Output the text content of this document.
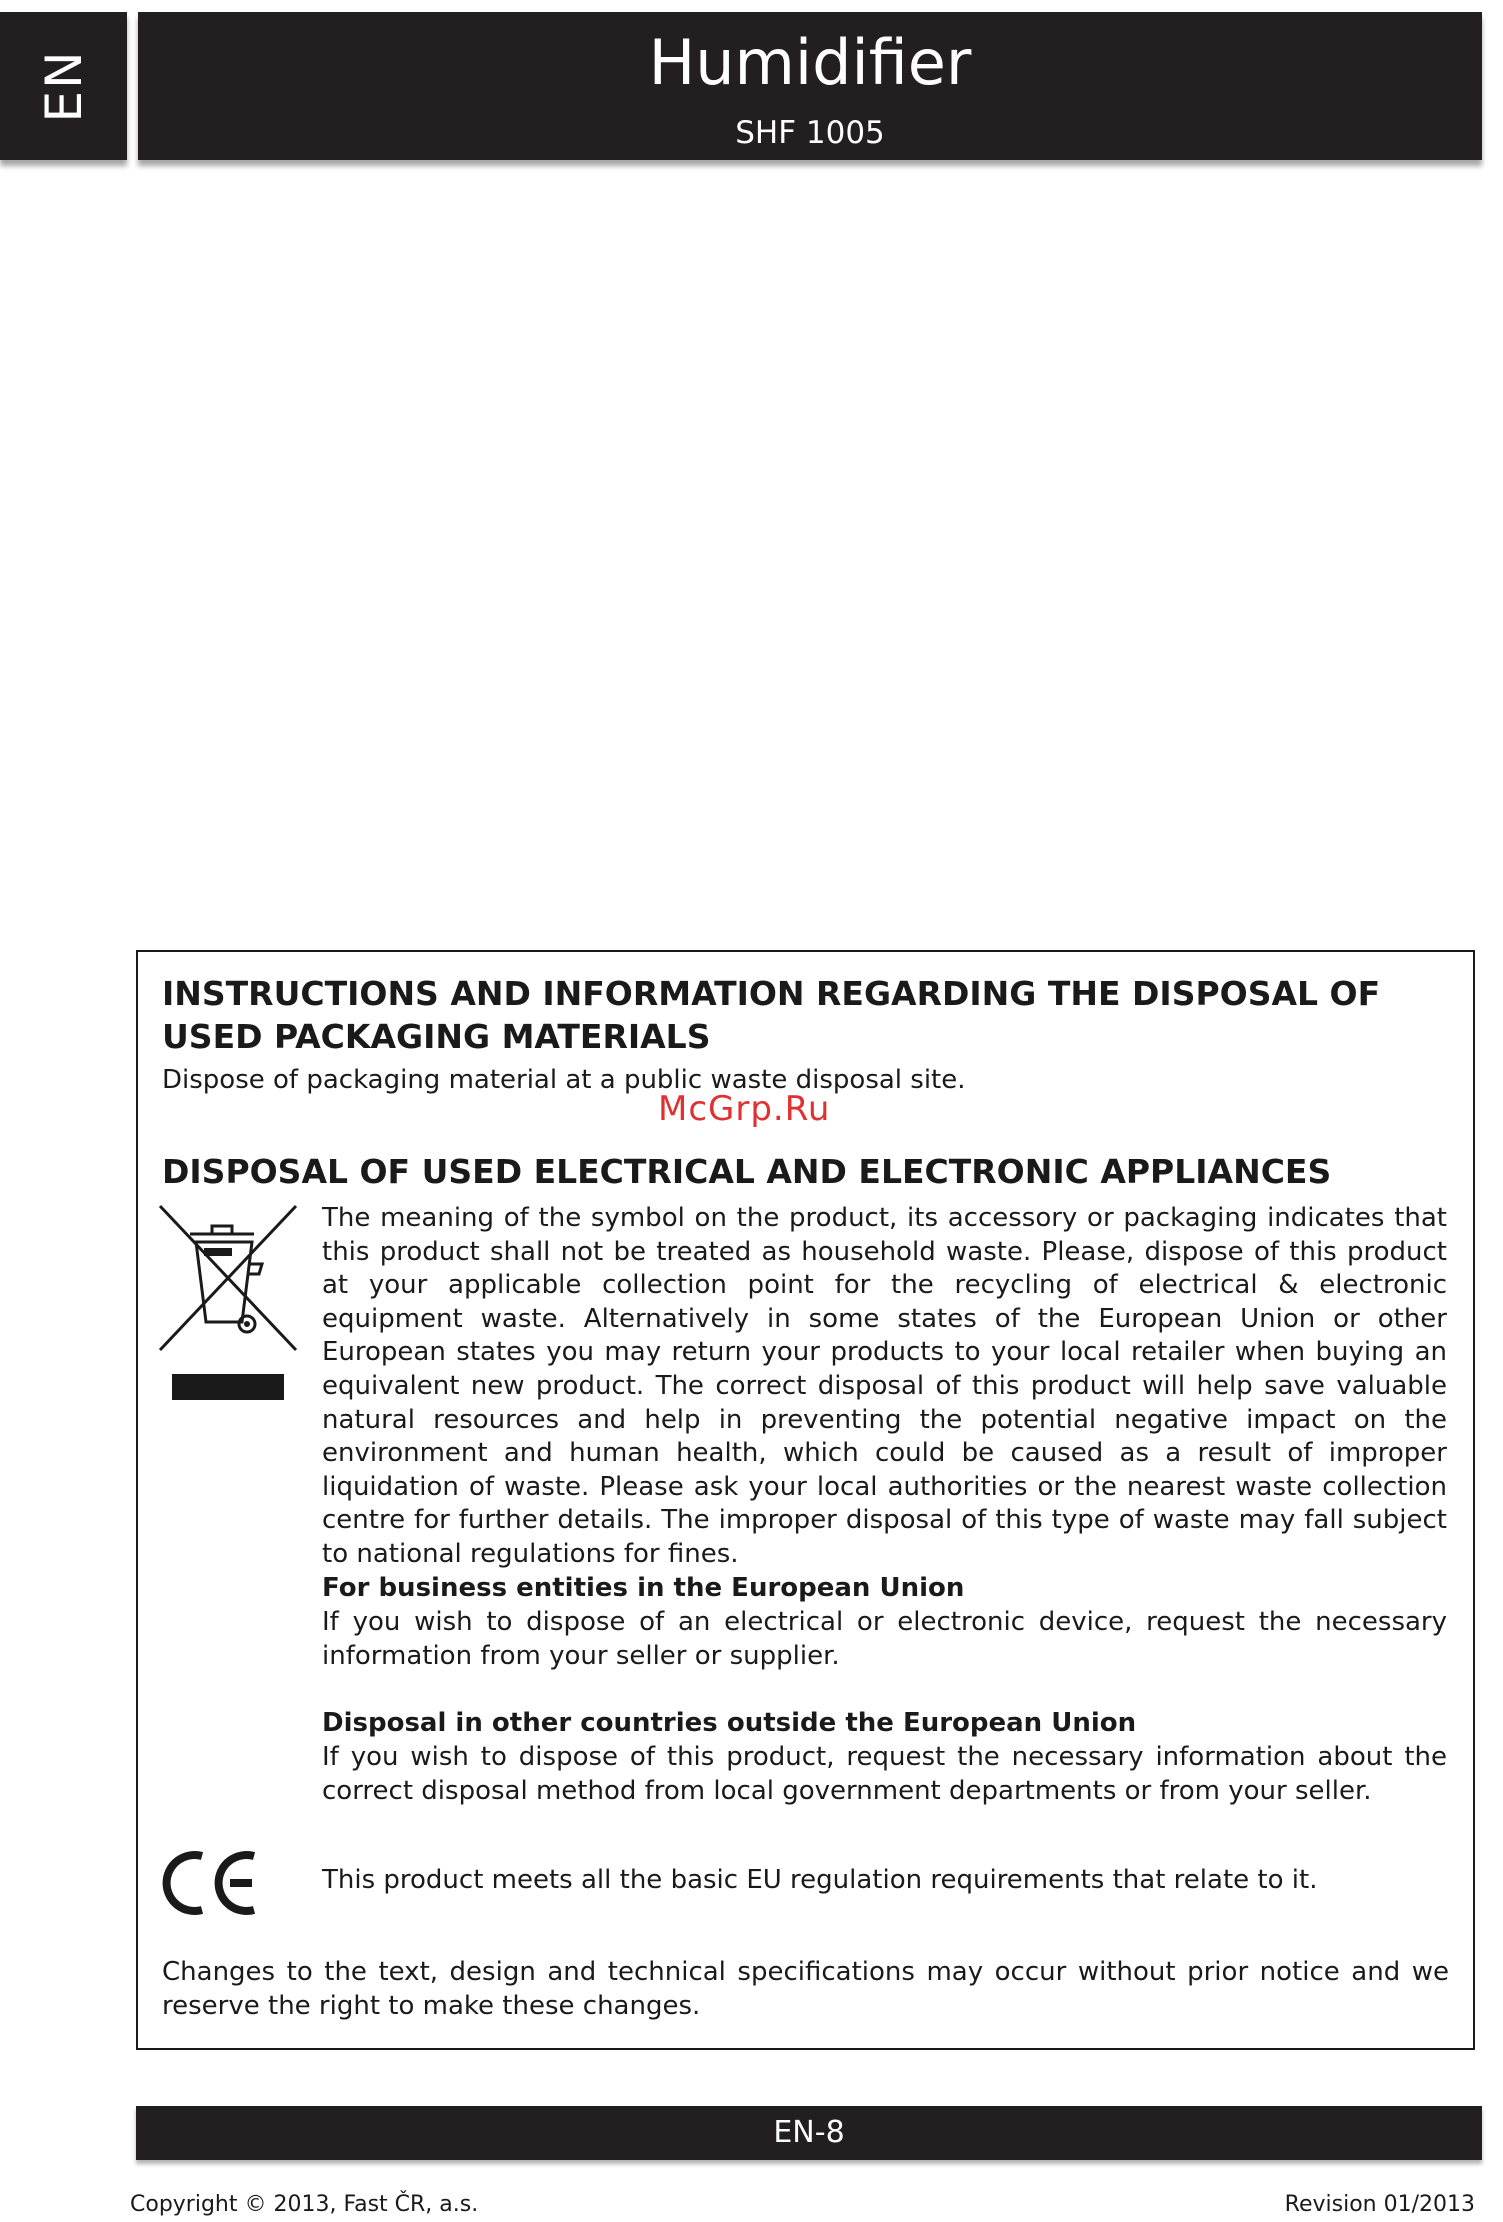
EN	Humidifier
SHF 1005
INSTRUCTIONS AND INFORMATION REGARDING THE DISPOSAL OF USED PACKAGING MATERIALS

Dispose of packaging material at a public waste disposal site.

McGrp.Ru
DISPOSAL OF USED ELECTRICAL AND ELECTRONIC APPLIANCES

The meaning of the symbol on the product, its accessory or packaging indicates that this product shall not be treated as household waste. Please, dispose of this product at your applicable collection point for the recycling of electrical & electronic equipment waste. Alternatively in some states of the European Union or other European states you may return your products to your local retailer when buying an equivalent new product. The correct disposal of this product will help save valuable natural resources and help in preventing the potential negative impact on the environment and human health, which could be caused as a result of improper liquidation of waste. Please ask your local authorities or the nearest waste collection centre for further details. The improper disposal of this type of waste may fall subject to national regulations for fines.

For business entities in the European Union

If you wish to dispose of an electrical or electronic device, request the necessary information from your seller or supplier.

Disposal in other countries outside the European Union

If you wish to dispose of this product, request the necessary information about the correct disposal method from local government departments or from your seller.

This product meets all the basic EU regulation requirements that relate to it.

Changes to the text, design and technical specifications may occur without prior notice and we reserve the right to make these changes.

EN-8
Copyright © 2013, Fast ČR, a.s.	Revision 01/2013
